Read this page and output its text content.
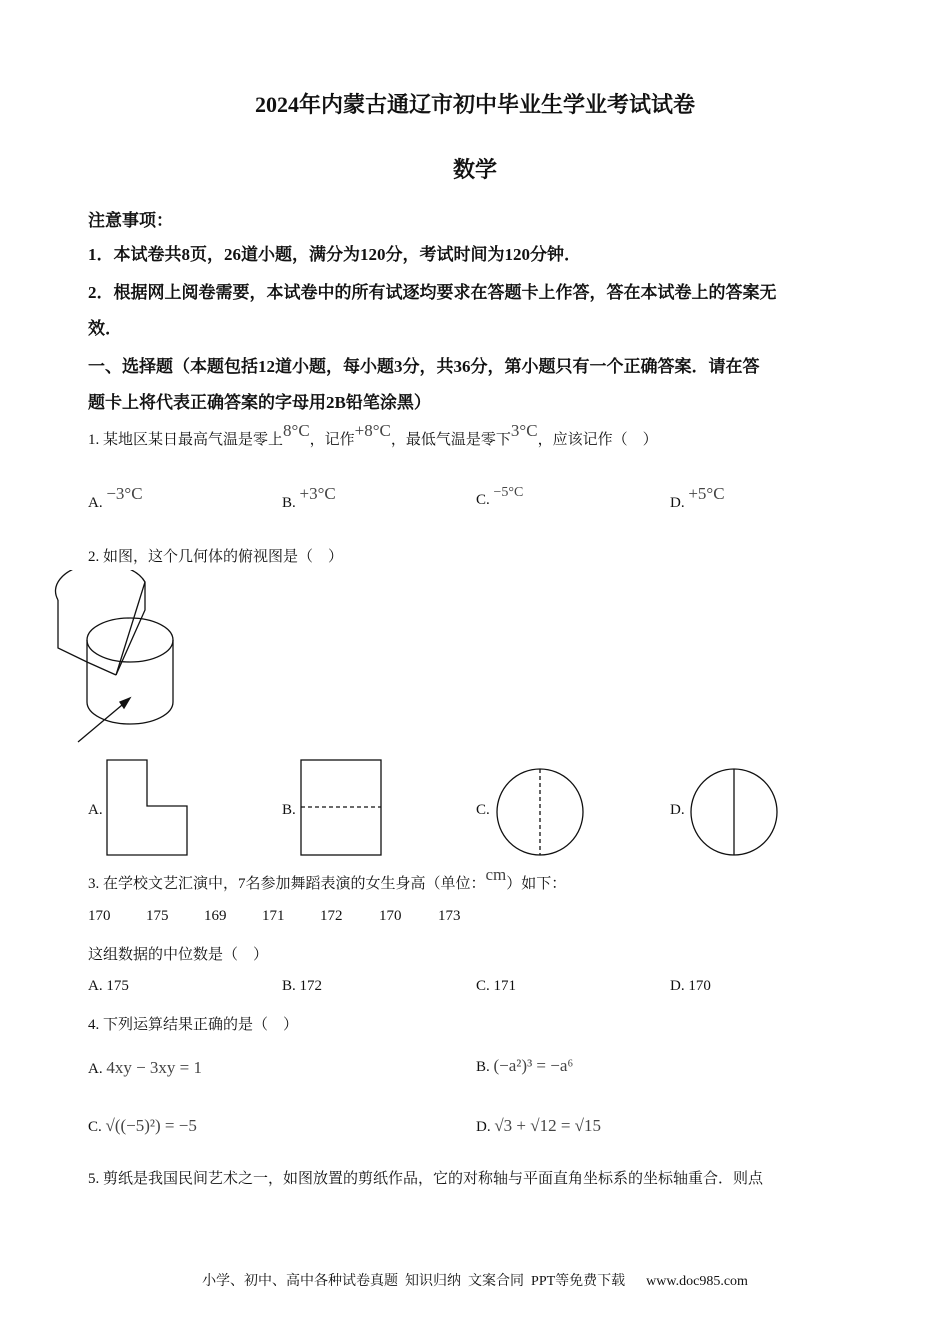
2024年内蒙古通辽市初中毕业生学业考试试卷
数学
注意事项：
1．本试卷共8页，26道小题，满分为120分，考试时间为120分钟．
2．根据网上阅卷需要，本试卷中的所有试逐均要求在答题卡上作答，答在本试卷上的答案无
效．
一、选择题（本题包括12道小题，每小题3分，共36分，第小题只有一个正确答案．请在答
题卡上将代表正确答案的字母用2B铅笔涂黑）
1. 某地区某日最高气温是零上8°C，记作+8°C，最低气温是零下3°C，应该记作（　）
A. −3°C	B. +3°C	C. −5°C
D. +5°C
2. 如图，这个几何体的俯视图是（　）
A.	B.	C.	D.
3. 在学校文艺汇演中，7名参加舞蹈表演的女生身高（单位：cm）如下：
170 175 169 171 172 170 173
这组数据的中位数是（　）
A. 175	B. 172	C. 171	D. 170
4. 下列运算结果正确的是（　）
A. 4xy − 3xy = 1	B. (−a²)³ = −a⁶
C. √((−5)²) = −5	D. √3 + √12 = √15
5. 剪纸是我国民间艺术之一，如图放置的剪纸作品，它的对称轴与平面直角坐标系的坐标轴重合．则点
小学、初中、高中各种试卷真题  知识归纳  文案合同  PPT等免费下载      www.doc985.com
